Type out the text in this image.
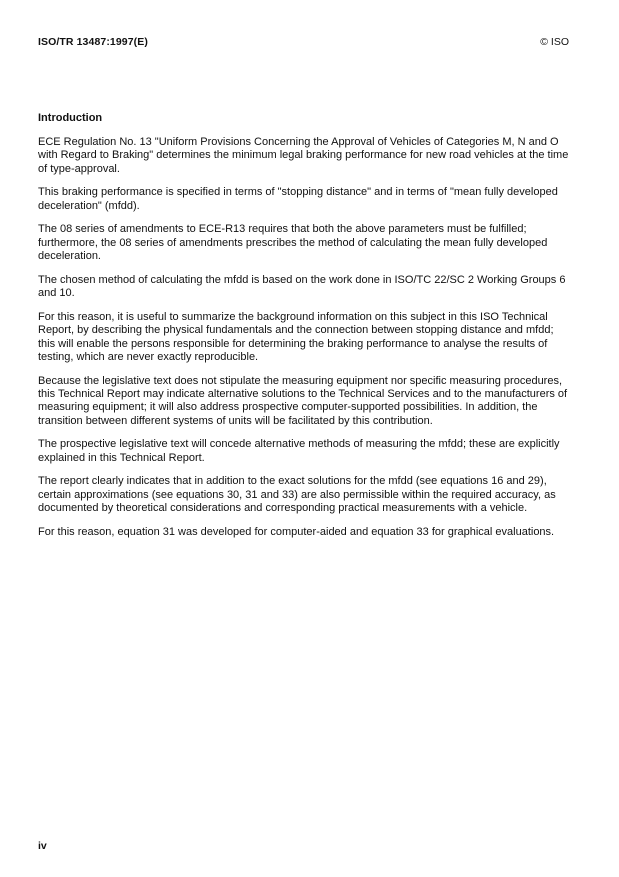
ISO/TR 13487:1997(E)	© ISO
Introduction

ECE Regulation No. 13 "Uniform Provisions Concerning the Approval of Vehicles of Categories M, N and O with Regard to Braking" determines the minimum legal braking performance for new road vehicles at the time of type-approval.

This braking performance is specified in terms of "stopping distance" and in terms of "mean fully developed deceleration" (mfdd).

The 08 series of amendments to ECE-R13 requires that both the above parameters must be fulfilled; furthermore, the 08 series of amendments prescribes the method of calculating the mean fully developed deceleration.

The chosen method of calculating the mfdd is based on the work done in ISO/TC 22/SC 2 Working Groups 6 and 10.

For this reason, it is useful to summarize the background information on this subject in this ISO Technical Report, by describing the physical fundamentals and the connection between stopping distance and mfdd; this will enable the persons responsible for determining the braking performance to analyse the results of testing, which are never exactly reproducible.

Because the legislative text does not stipulate the measuring equipment nor specific measuring procedures, this Technical Report may indicate alternative solutions to the Technical Services and to the manufacturers of measuring equipment; it will also address prospective computer-supported possibilities. In addition, the transition between different systems of units will be facilitated by this contribution.

The prospective legislative text will concede alternative methods of measuring the mfdd; these are explicitly explained in this Technical Report.

The report clearly indicates that in addition to the exact solutions for the mfdd (see equations 16 and 29), certain approximations (see equations 30, 31 and 33) are also permissible within the required accuracy, as documented by theoretical considerations and corresponding practical measurements with a vehicle.

For this reason, equation 31 was developed for computer-aided and equation 33 for graphical evaluations.

iv
